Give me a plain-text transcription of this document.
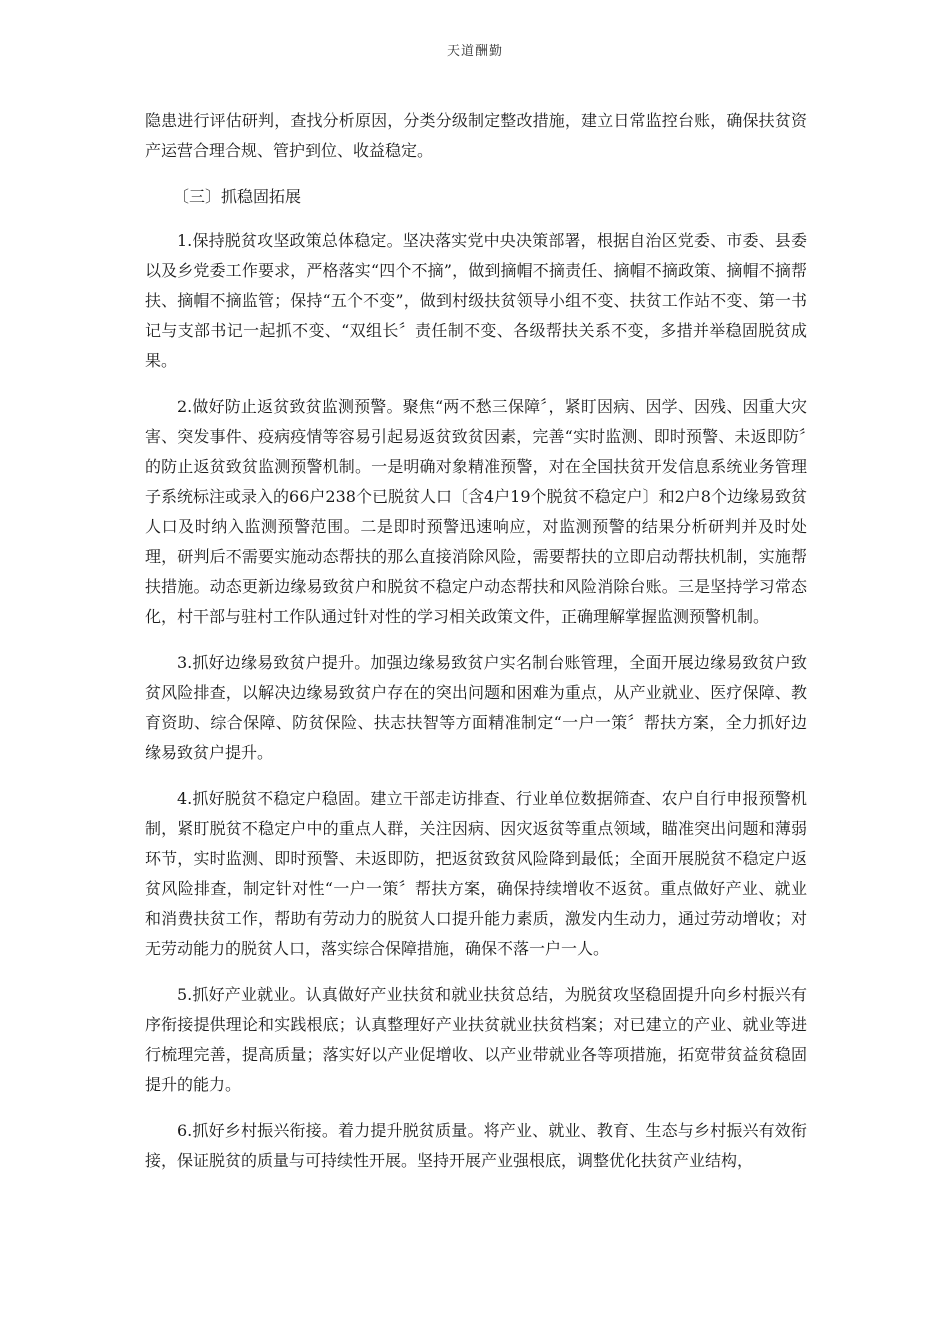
天道酬勤

隐患进行评估研判，查找分析原因，分类分级制定整改措施，建立日常监控台账，确保扶贫资产运营合理合规、管护到位、收益稳定。

〔三〕抓稳固拓展

1.保持脱贫攻坚政策总体稳定。坚决落实党中央决策部署，根据自治区党委、市委、县委以及乡党委工作要求，严格落实“四个不摘”，做到摘帽不摘责任、摘帽不摘政策、摘帽不摘帮扶、摘帽不摘监管；保持“五个不变”，做到村级扶贫领导小组不变、扶贫工作站不变、第一书记与支部书记一起抓不变、“双组长〞责任制不变、各级帮扶关系不变，多措并举稳固脱贫成果。

2.做好防止返贫致贫监测预警。聚焦“两不愁三保障〞，紧盯因病、因学、因残、因重大灾害、突发事件、疫病疫情等容易引起易返贫致贫因素，完善“实时监测、即时预警、未返即防〞的防止返贫致贫监测预警机制。一是明确对象精准预警，对在全国扶贫开发信息系统业务管理子系统标注或录入的66户238个已脱贫人口〔含4户19个脱贫不稳定户〕和2户8个边缘易致贫人口及时纳入监测预警范围。二是即时预警迅速响应，对监测预警的结果分析研判并及时处理，研判后不需要实施动态帮扶的那么直接消除风险，需要帮扶的立即启动帮扶机制，实施帮扶措施。动态更新边缘易致贫户和脱贫不稳定户动态帮扶和风险消除台账。三是坚持学习常态化，村干部与驻村工作队通过针对性的学习相关政策文件，正确理解掌握监测预警机制。

3.抓好边缘易致贫户提升。加强边缘易致贫户实名制台账管理，全面开展边缘易致贫户致贫风险排查，以解决边缘易致贫户存在的突出问题和困难为重点，从产业就业、医疗保障、教育资助、综合保障、防贫保险、扶志扶智等方面精准制定“一户一策〞帮扶方案，全力抓好边缘易致贫户提升。

4.抓好脱贫不稳定户稳固。建立干部走访排查、行业单位数据筛查、农户自行申报预警机制，紧盯脱贫不稳定户中的重点人群，关注因病、因灾返贫等重点领域，瞄准突出问题和薄弱环节，实时监测、即时预警、未返即防，把返贫致贫风险降到最低；全面开展脱贫不稳定户返贫风险排查，制定针对性“一户一策〞帮扶方案，确保持续增收不返贫。重点做好产业、就业和消费扶贫工作，帮助有劳动力的脱贫人口提升能力素质，激发内生动力，通过劳动增收；对无劳动能力的脱贫人口，落实综合保障措施，确保不落一户一人。

5.抓好产业就业。认真做好产业扶贫和就业扶贫总结，为脱贫攻坚稳固提升向乡村振兴有序衔接提供理论和实践根底；认真整理好产业扶贫就业扶贫档案；对已建立的产业、就业等进行梳理完善，提高质量；落实好以产业促增收、以产业带就业各等项措施，拓宽带贫益贫稳固提升的能力。

6.抓好乡村振兴衔接。着力提升脱贫质量。将产业、就业、教育、生态与乡村振兴有效衔接，保证脱贫的质量与可持续性开展。坚持开展产业强根底，调整优化扶贫产业结构，
